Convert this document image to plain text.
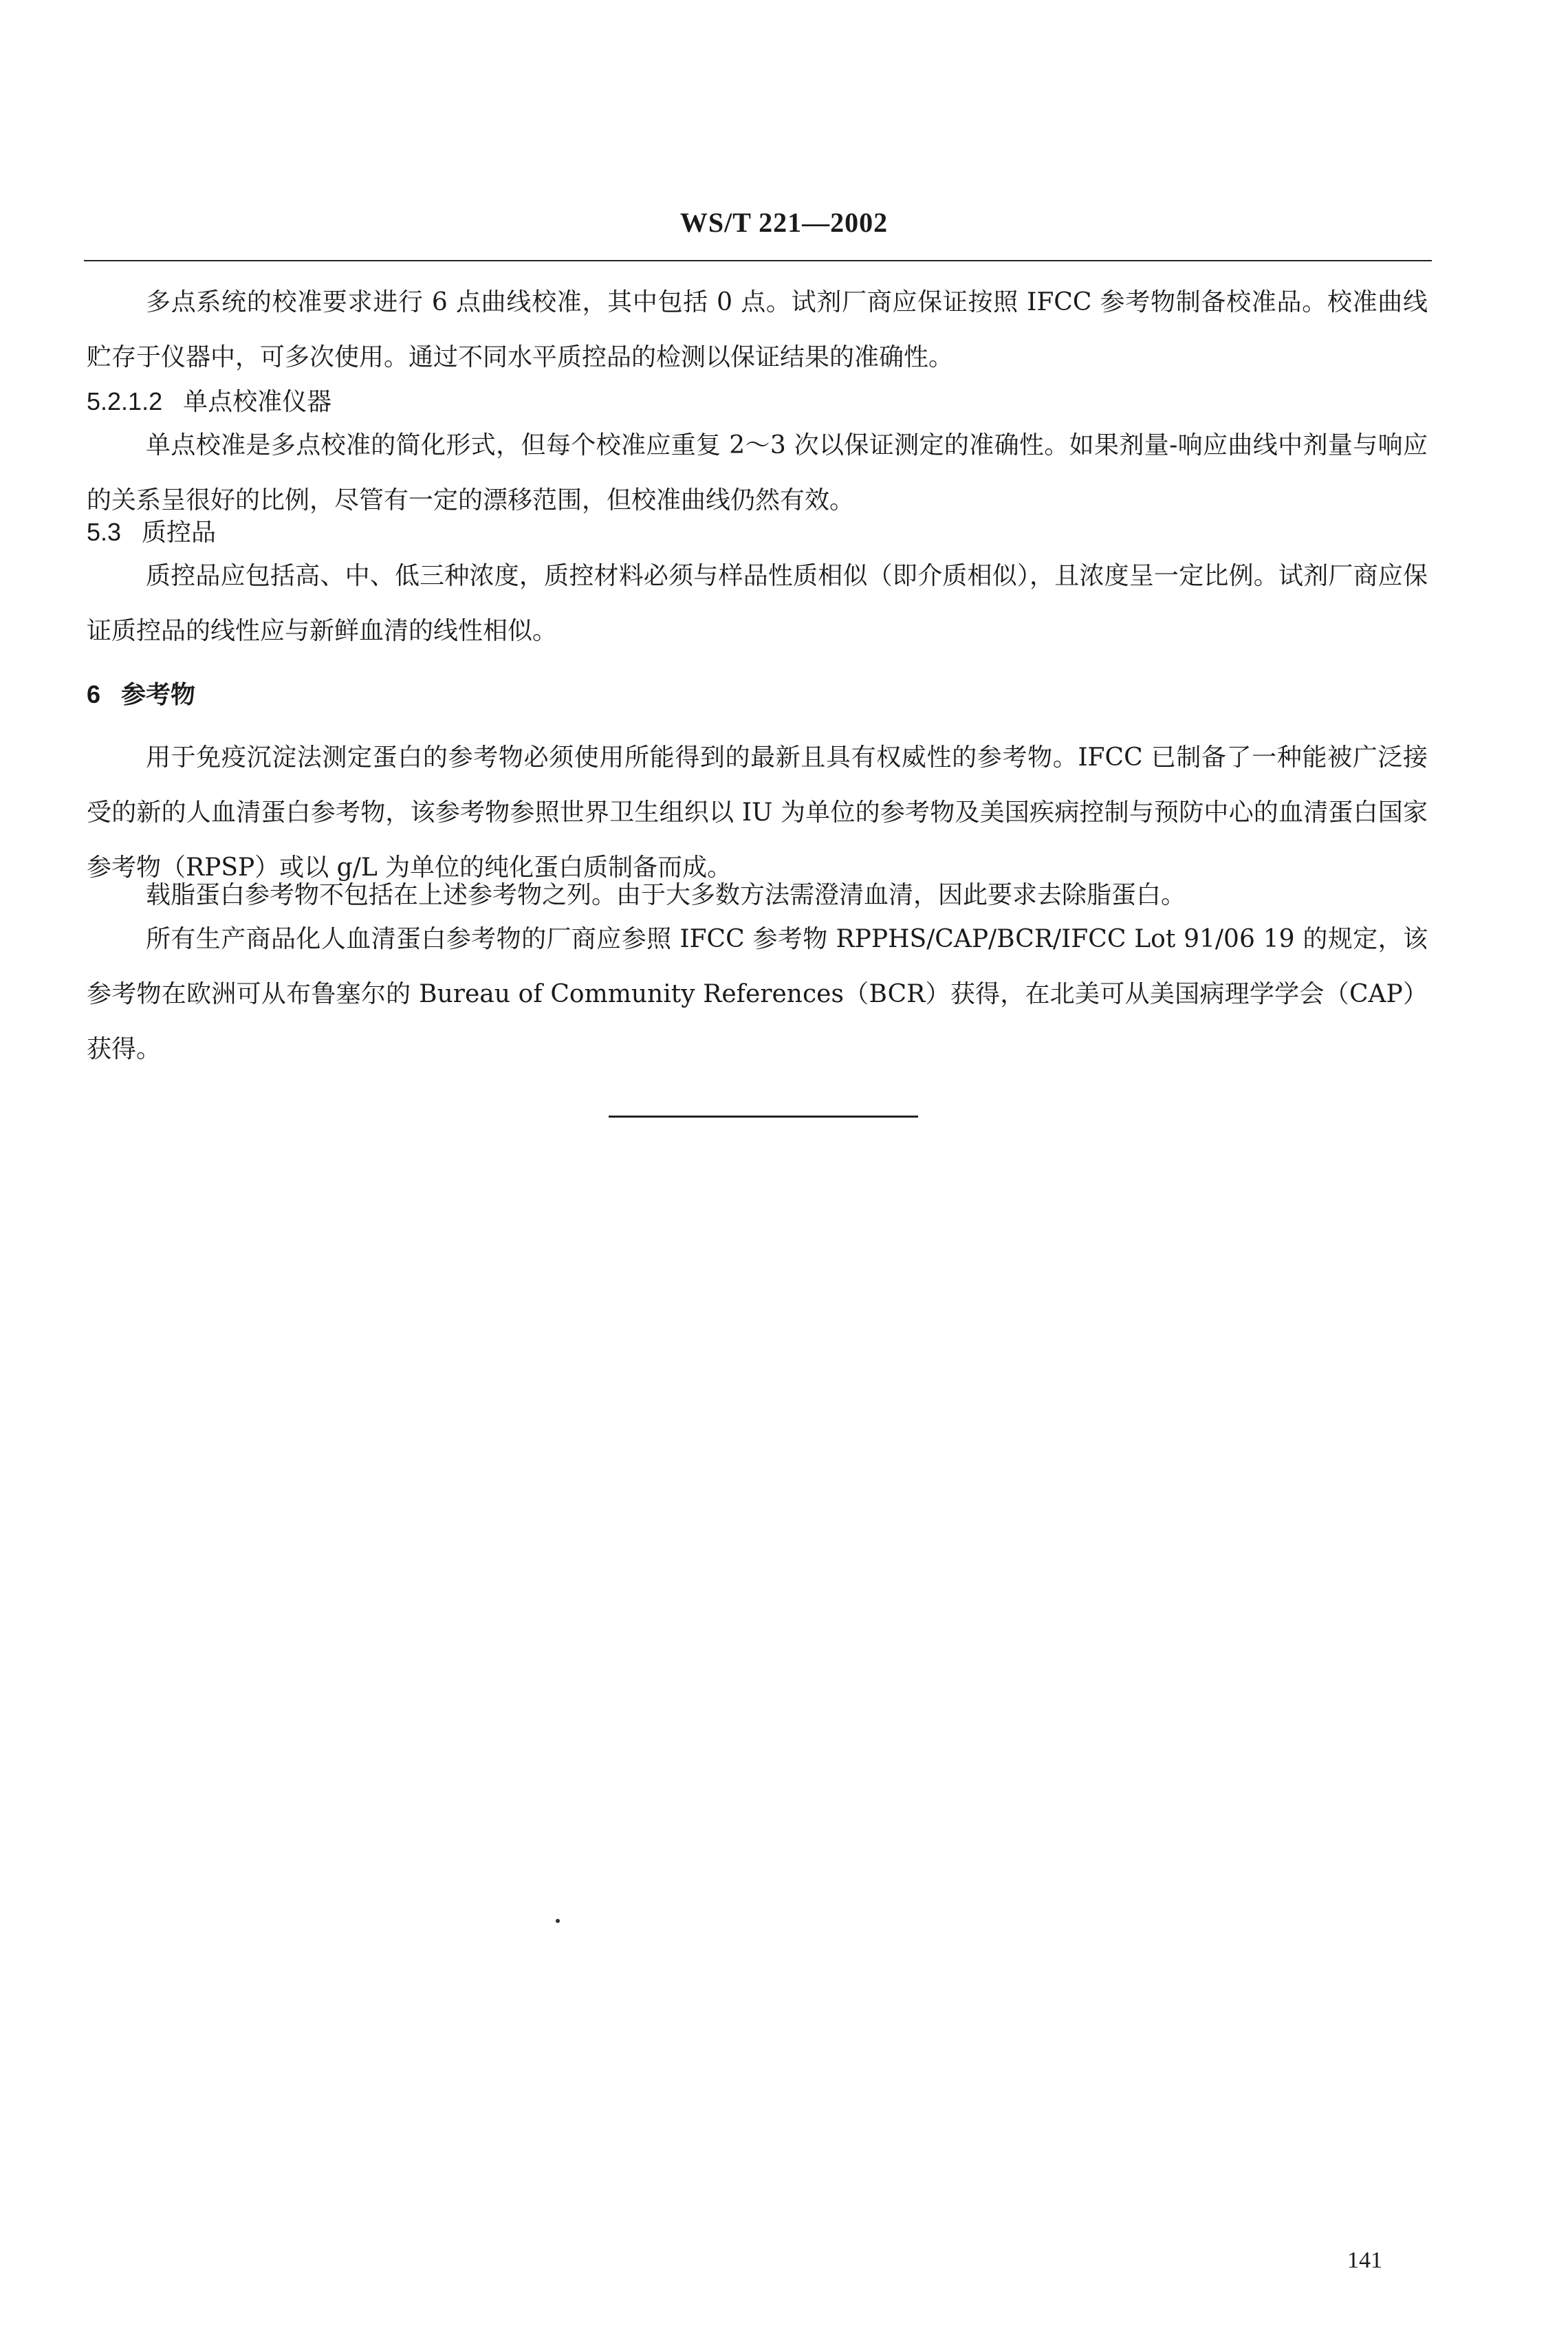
WS/T 221—2002

多点系统的校准要求进行 6 点曲线校准，其中包括 0 点。试剂厂商应保证按照 IFCC 参考物制备校准品。校准曲线贮存于仪器中，可多次使用。通过不同水平质控品的检测以保证结果的准确性。

5.2.1.2 单点校准仪器

单点校准是多点校准的简化形式，但每个校准应重复 2～3 次以保证测定的准确性。如果剂量-响应曲线中剂量与响应的关系呈很好的比例，尽管有一定的漂移范围，但校准曲线仍然有效。

5.3 质控品

质控品应包括高、中、低三种浓度，质控材料必须与样品性质相似（即介质相似），且浓度呈一定比例。试剂厂商应保证质控品的线性应与新鲜血清的线性相似。

6 参考物

用于免疫沉淀法测定蛋白的参考物必须使用所能得到的最新且具有权威性的参考物。IFCC 已制备了一种能被广泛接受的新的人血清蛋白参考物，该参考物参照世界卫生组织以 IU 为单位的参考物及美国疾病控制与预防中心的血清蛋白国家参考物（RPSP）或以 g/L 为单位的纯化蛋白质制备而成。

载脂蛋白参考物不包括在上述参考物之列。由于大多数方法需澄清血清，因此要求去除脂蛋白。

所有生产商品化人血清蛋白参考物的厂商应参照 IFCC 参考物 RPPHS/CAP/BCR/IFCC Lot 91/06 19 的规定，该参考物在欧洲可从布鲁塞尔的 Bureau of Community References（BCR）获得，在北美可从美国病理学学会（CAP）获得。

141
